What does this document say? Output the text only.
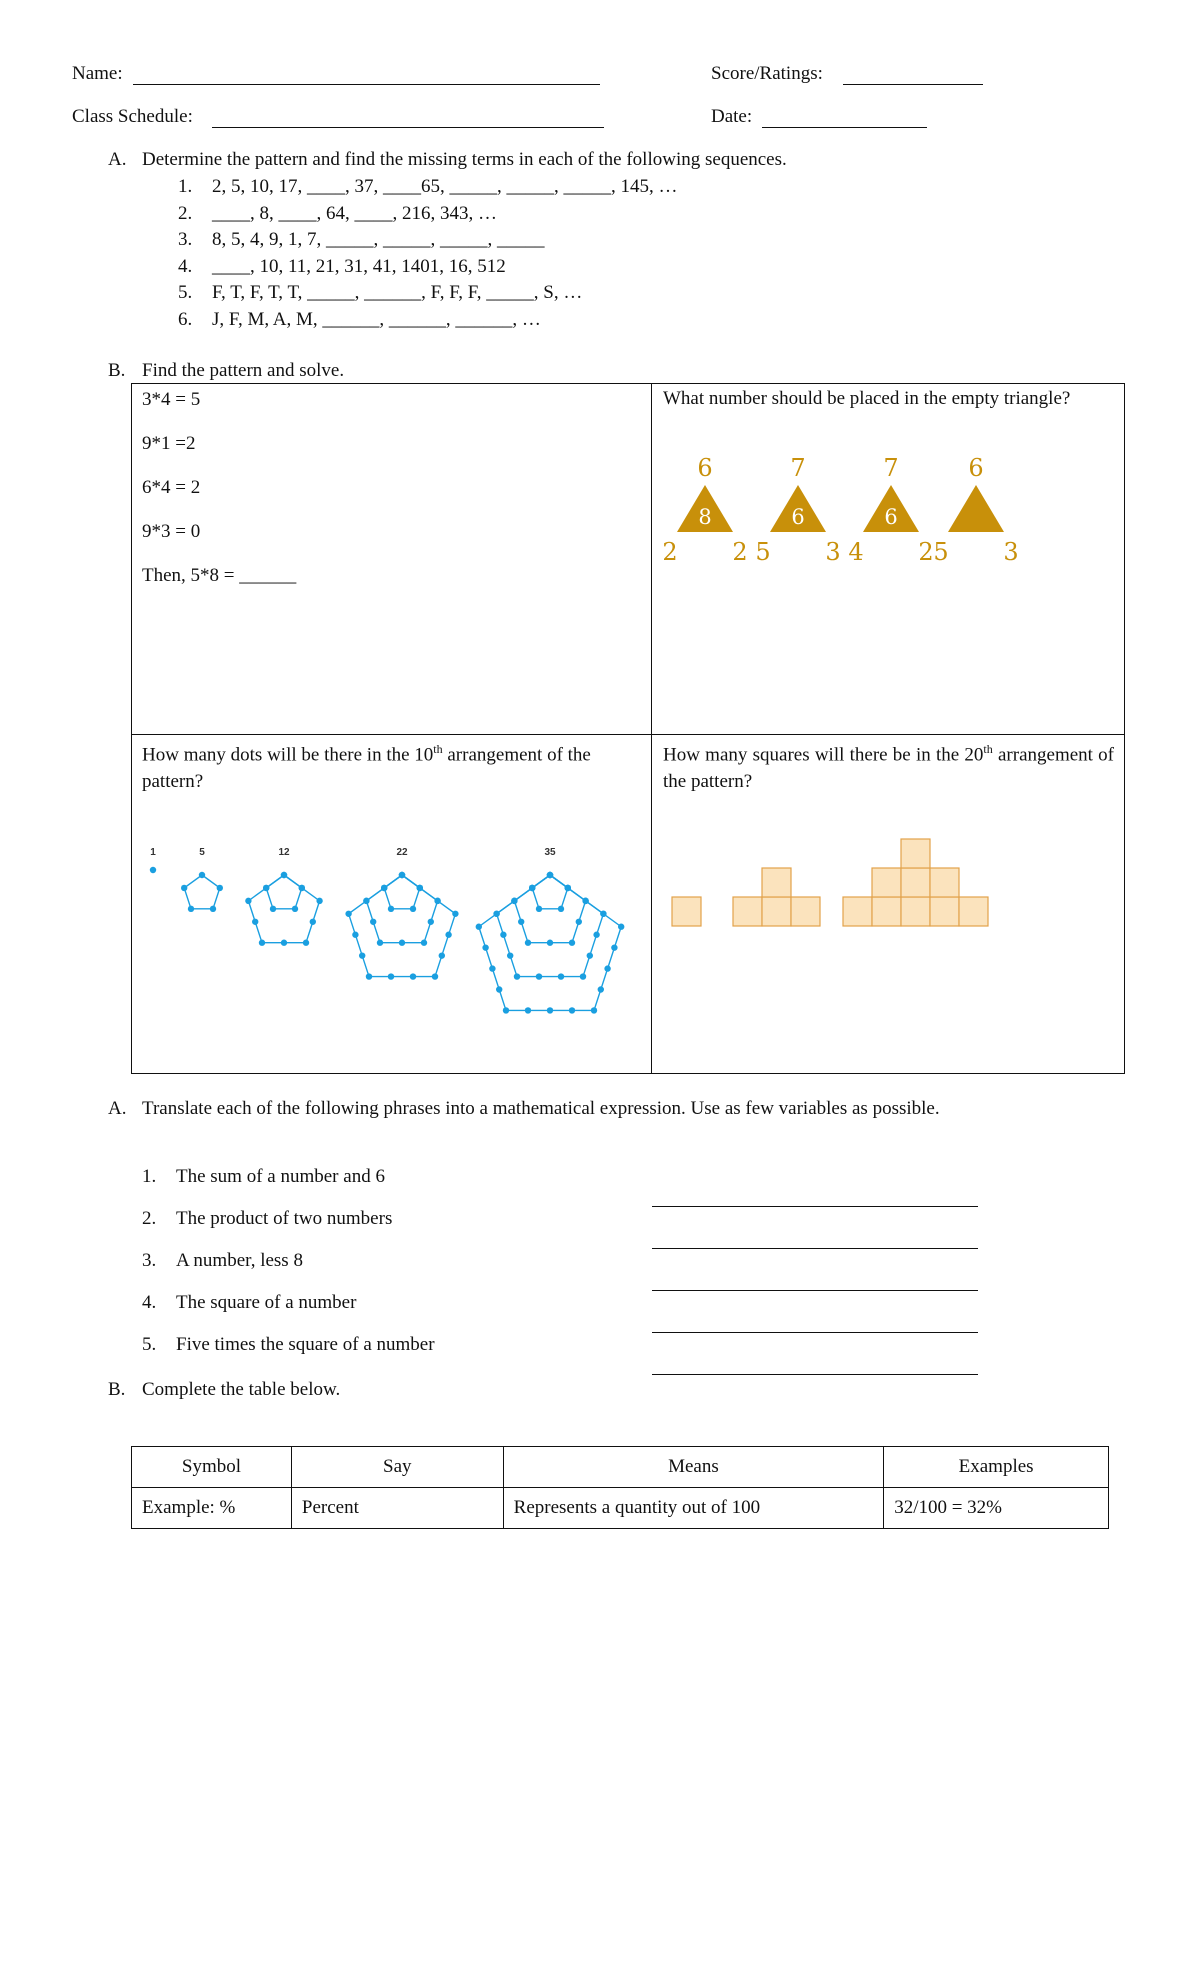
Name:	Score/Ratings:
Class Schedule:	Date:
A. Determine the pattern and find the missing terms in each of the following sequences.
1. 2, 5, 10, 17, ____, 37, ____65, _____, _____, _____, 145, …
2. ____, 8, ____, 64, ____, 216, 343, …
3. 8, 5, 4, 9, 1, 7, _____, _____, _____, _____
4. ____, 10, 11, 21, 31, 41, 1401, 16, 512
5. F, T, F, T, T, _____, ______, F, F, F, _____, S, …
6. J, F, M, A, M, ______, ______, ______, …
B. Find the pattern and solve.
3*4 = 5
9*1 =2
6*4 = 2
9*3 = 0
Then, 5*8 = ______
What number should be placed in the empty triangle?
6
8
2 2
7
6
5 3
7
6
4 2
6
5 3
How many dots will be there in the 10th arrangement of the pattern?
1	5	12	22	35
How many squares will there be in the 20th arrangement of the pattern?
A. Translate each of the following phrases into a mathematical expression. Use as few variables as possible.
1. The sum of a number and 6
2. The product of two numbers
3. A number, less 8
4. The square of a number
5. Five times the square of a number
B. Complete the table below.
Symbol	Say	Means	Examples
Example: %	Percent	Represents a quantity out of 100	32/100 = 32%
